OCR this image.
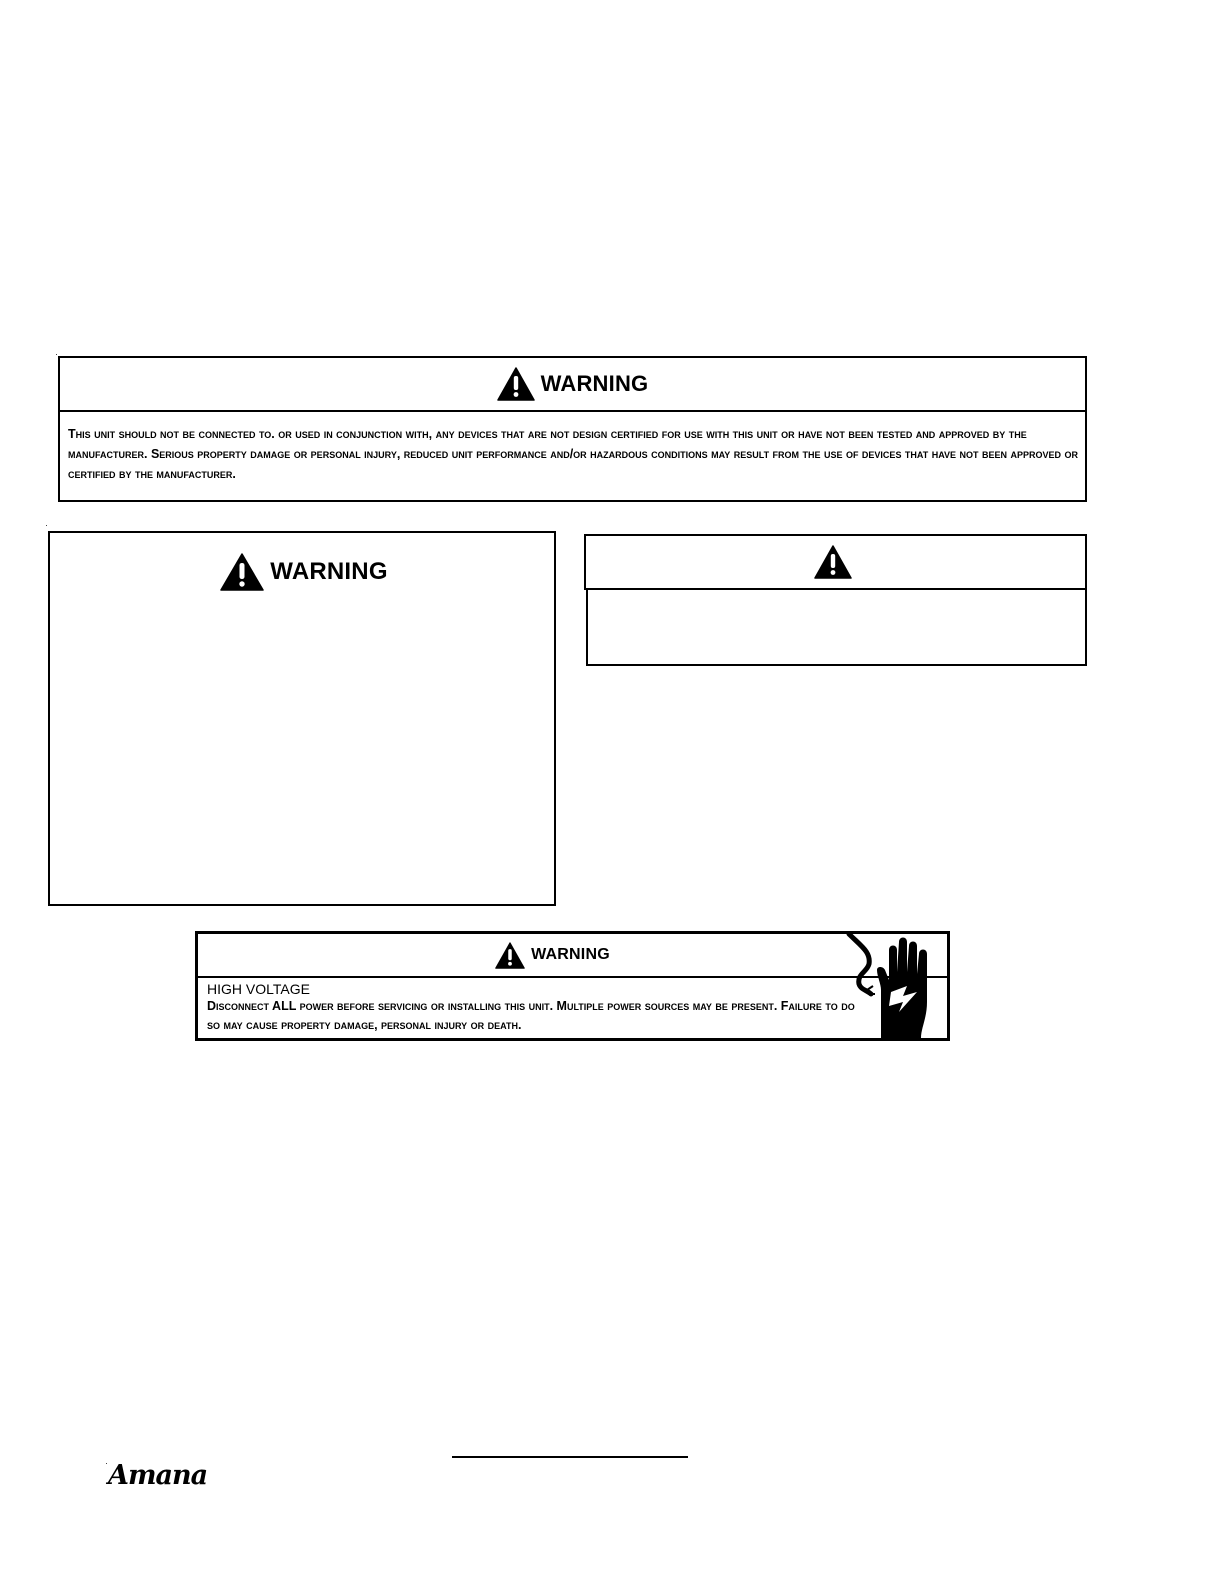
WARNING

This unit should not be connected to. or used in conjunction with, any devices that are not design certified for use with this unit or have not been tested and approved by the manufacturer. Serious property damage or personal injury, reduced unit performance and/or hazardous conditions may result from the use of devices that have not been approved or certified by the manufacturer.

WARNING
WARNING
HIGH VOLTAGE

Disconnect ALL power before servicing or installing this unit. Multiple power sources may be present. Failure to do so may cause property damage, personal injury or death.

Amana
